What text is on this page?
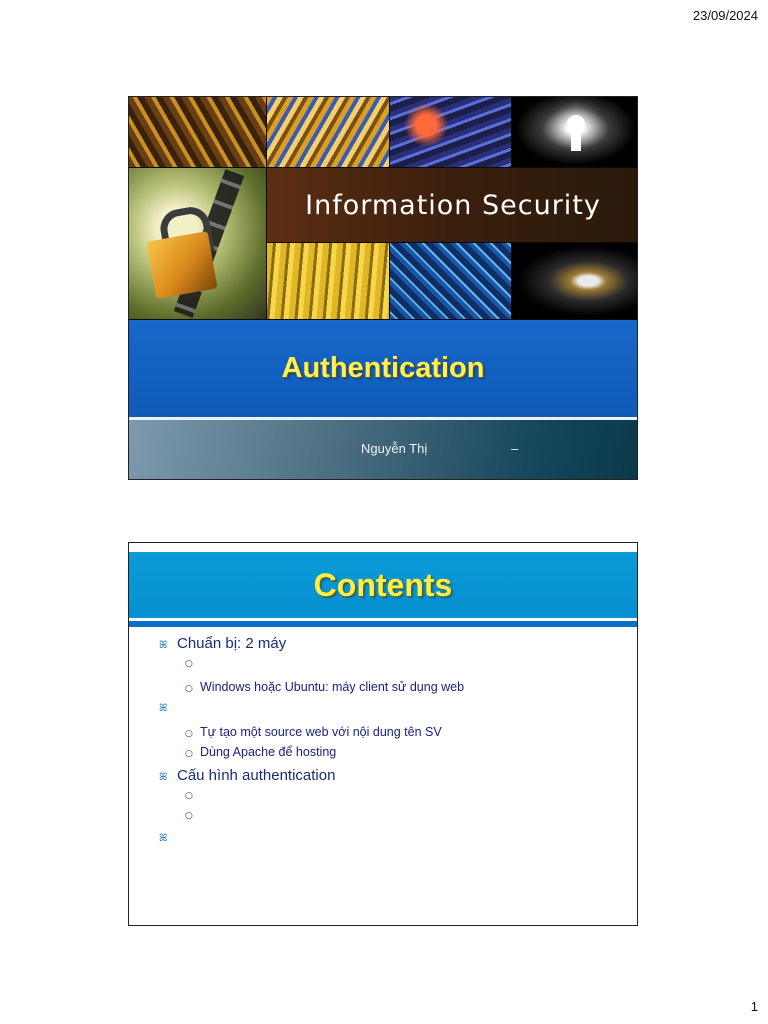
23/09/2024
Information Security
Authentication
Nguyễn Thị	–
Contents
ꕤ Chuẩn bị: 2 máy
○
○ Windows hoặc Ubuntu: máy client sử dụng web
ꕤ
○ Tự tạo một source web với nội dung tên SV
○ Dùng Apache để hosting
ꕤ Cấu hình authentication
○
○
ꕤ
1
